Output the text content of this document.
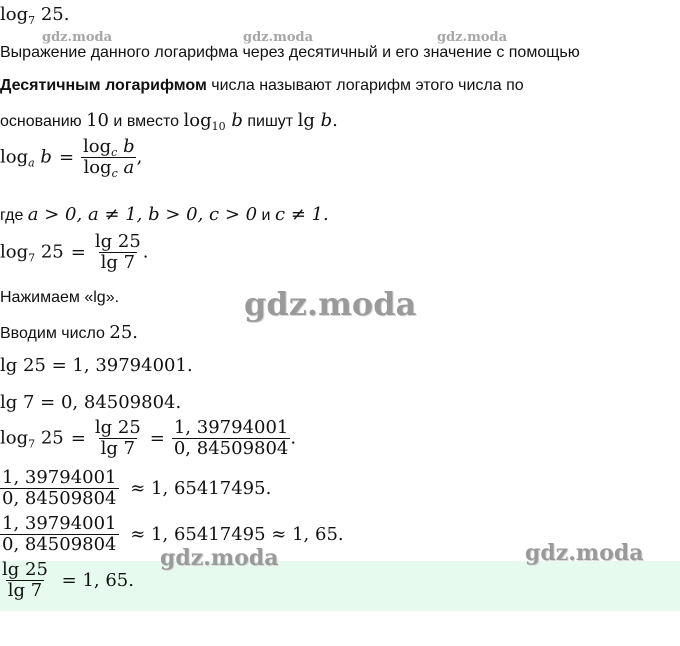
$\log_7 25$.
gdz.moda	gdz.moda	gdz.moda
Выражение данного логарифма через десятичный и его значение с помощью
Десятичным логарифмом числа называют логарифм этого числа по
основанию 10 и вместо $\log_{10} b$ пишут lg b.
$\log_a b = \frac{\log_c b}{\log_c a}$ ,
где a > 0, a ≠ 1, b > 0, c > 0 и c ≠ 1.
$\log_7 25 = \frac{\lg 25}{\lg 7}$ .
Нажимаем «lg».	gdz.moda
Вводим число 25.
lg 25 = 1, 39794001.
lg 7 = 0, 84509804.
$\log_7 25 = \frac{\lg 25}{\lg 7} = \frac{1, 39794001}{0, 84509804}$ .
$\frac{1, 39794001}{0, 84509804} \approx 1$, 65417495.
$\frac{1, 39794001}{0, 84509804} \approx 1$, 65417495 ≈ 1, 65.
gdz.moda	gdz.moda
$\frac{\lg 25}{\lg 7} = 1$, 65.
